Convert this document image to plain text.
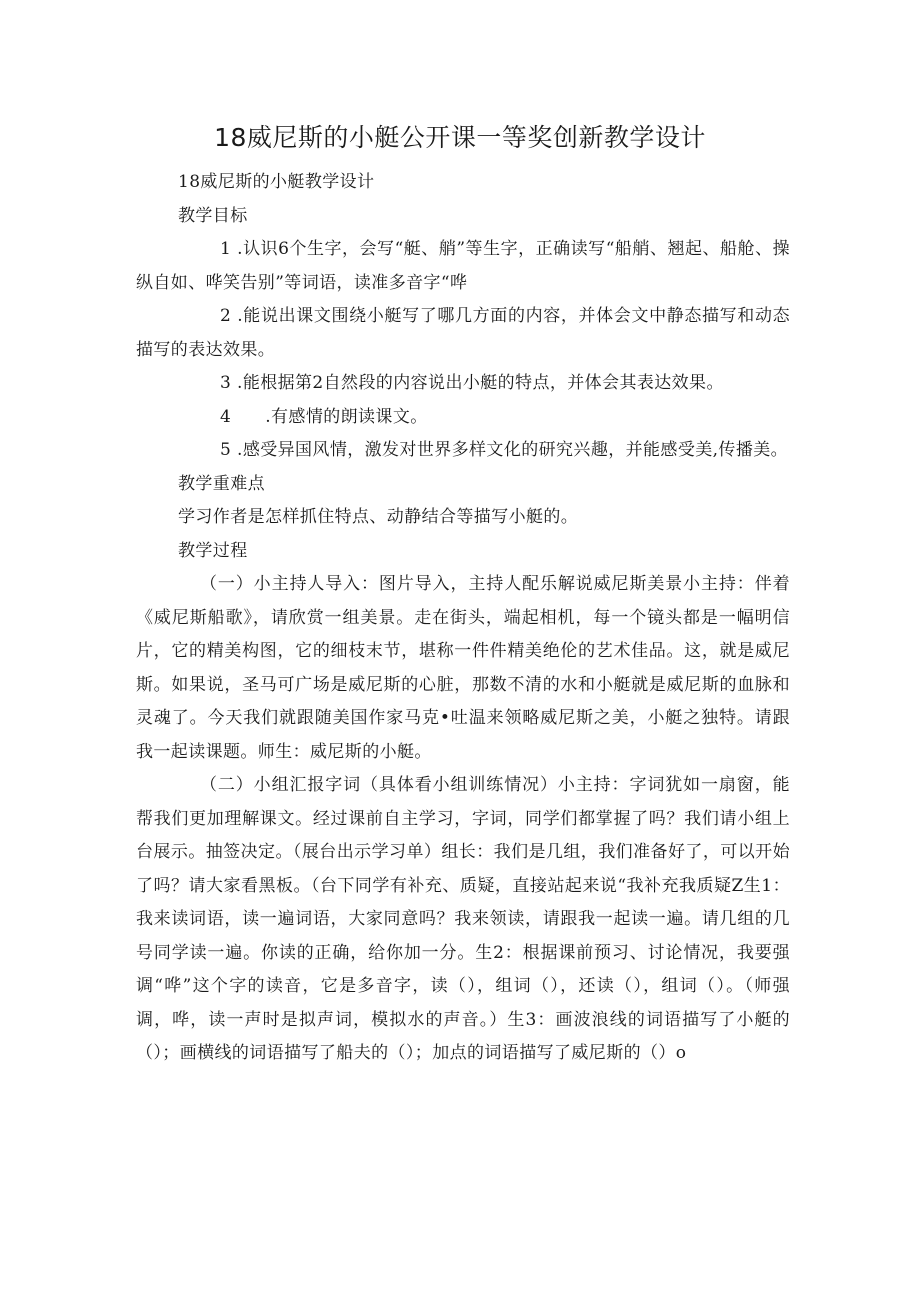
18威尼斯的小艇公开课一等奖创新教学设计

18威尼斯的小艇教学设计

教学目标

1 .认识6个生字，会写“艇、艄”等生字，正确读写“船艄、翘起、船舱、操纵自如、哗笑告别”等词语，读准多音字“哗

2 .能说出课文围绕小艇写了哪几方面的内容，并体会文中静态描写和动态描写的表达效果。

3 .能根据第2自然段的内容说出小艇的特点，并体会其表达效果。

4 .有感情的朗读课文。

5 .感受异国风情，激发对世界多样文化的研究兴趣，并能感受美,传播美。

教学重难点

学习作者是怎样抓住特点、动静结合等描写小艇的。

教学过程

（一）小主持人导入：图片导入，主持人配乐解说威尼斯美景小主持：伴着《威尼斯船歌》，请欣赏一组美景。走在街头，端起相机，每一个镜头都是一幅明信片，它的精美构图，它的细枝末节，堪称一件件精美绝伦的艺术佳品。这，就是威尼斯。如果说，圣马可广场是威尼斯的心脏，那数不清的水和小艇就是威尼斯的血脉和灵魂了。今天我们就跟随美国作家马克•吐温来领略威尼斯之美，小艇之独特。请跟我一起读课题。师生：威尼斯的小艇。

（二）小组汇报字词（具体看小组训练情况）小主持：字词犹如一扇窗，能帮我们更加理解课文。经过课前自主学习，字词，同学们都掌握了吗？我们请小组上台展示。抽签决定。（展台出示学习单）组长：我们是几组，我们准备好了，可以开始了吗？请大家看黑板。（台下同学有补充、质疑，直接站起来说“我补充我质疑Z生1：我来读词语，读一遍词语，大家同意吗？我来领读，请跟我一起读一遍。请几组的几号同学读一遍。你读的正确，给你加一分。生2：根据课前预习、讨论情况，我要强调“哗”这个字的读音，它是多音字，读（），组词（），还读（），组词（）。（师强调，哗，读一声时是拟声词，模拟水的声音。）生3：画波浪线的词语描写了小艇的（）；画横线的词语描写了船夫的（）；加点的词语描写了威尼斯的（）o
